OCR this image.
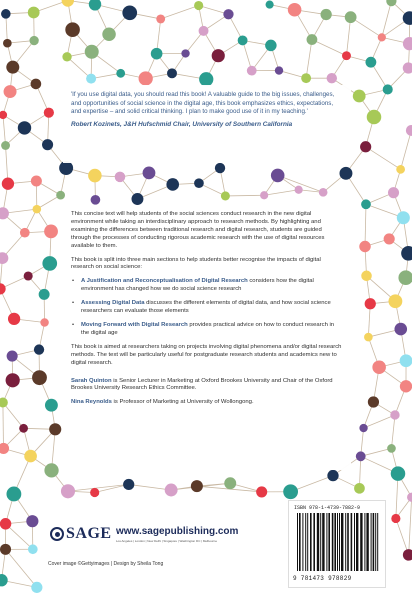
'If you use digital data, you should read this book! A valuable guide to the big issues, challenges, and opportunities of social science in the digital age, this book emphasizes ethics, expectations, and expertise – and solid critical thinking. I plan to make good use of it in my teaching.'

Robert Kozinets, J&H Hufschmid Chair, University of Southern California

This concise text will help students of the social sciences conduct research in the new digital environment while taking an interdisciplinary approach to research methods. By highlighting and examining the differences between traditional research and digital research, students are guided through the processes of conducting rigorous academic research with the use of digital resources available to them.

This book is split into three main sections to help students better recognise the impacts of digital research on social science:

• A Justification and Reconceptualisation of Digital Research considers how the digital environment has changed how we do social science research
• Assessing Digital Data discusses the different elements of digital data, and how social science researchers can evaluate those elements
• Moving Forward with Digital Research provides practical advice on how to conduct research in the digital age

This book is aimed at researchers taking on projects involving digital phenomena and/or digital research methods. The text will be particularly useful for postgraduate research students and academics new to digital research.

Sarah Quinton is Senior Lecturer in Marketing at Oxford Brookes University and Chair of the Oxford Brookes University Research Ethics Committee.

Nina Reynolds is Professor of Marketing at University of Wollongong.

SAGE www.sagepublishing.com
Los Angeles | London | New Delhi | Singapore | Washington DC | Melbourne
Cover image ©Gettyimages | Design by Sheila Tong
ISBN 978-1-4739-7882-9
9 781473 978829
